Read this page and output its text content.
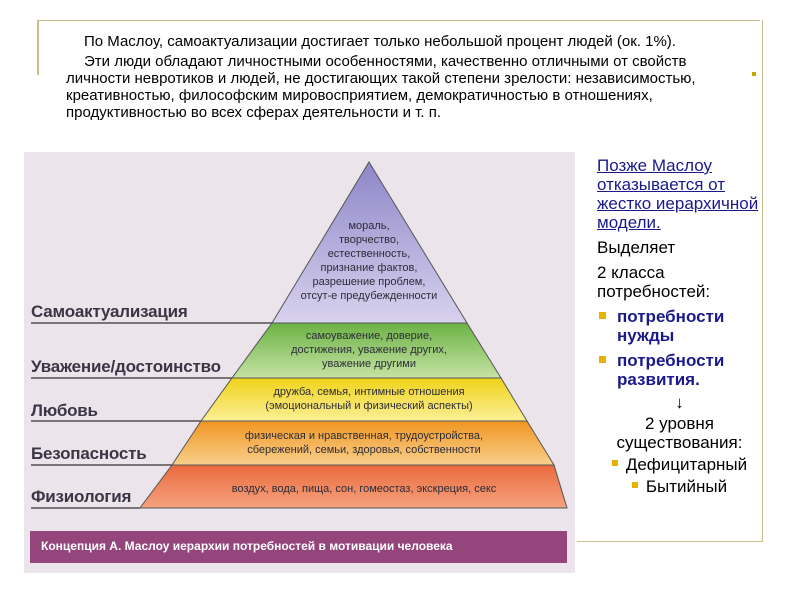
По Маслоу, самоактуализации достигает только небольшой процент людей (ок. 1%).

Эти люди обладают личностными особенностями, качественно отличными от свойств личности невротиков и людей, не достигающих такой степени зрелости: независимостью, креативностью, философским мировосприятием, демократичностью в отношениях, продуктивностью во всех сферах деятельности и т. п.

Самоактуализация
Уважение/достоинство
Любовь
Безопасность
Физиология
мораль,
творчество,
естественность,
признание фактов,
разрешение проблем,
отсут-е предубежденности
самоуважение, доверие,
достижения, уважение других,
уважение другими
дружба, семья, интимные отношения
(эмоциональный и физический аспекты)
физическая и нравственная, трудоустройства,
сбережений, семьи, здоровья, собственности
воздух, вода, пища, сон, гомеостаз, экскреция, секс
Концепция А. Маслоу иерархии потребностей в мотивации человека
Позже Маслоу отказывается от жестко иерархичной модели.
Выделяет
2 класса потребностей:
потребности нужды
потребности развития.
↓
2 уровня существования:
Дефицитарный
Бытийный
